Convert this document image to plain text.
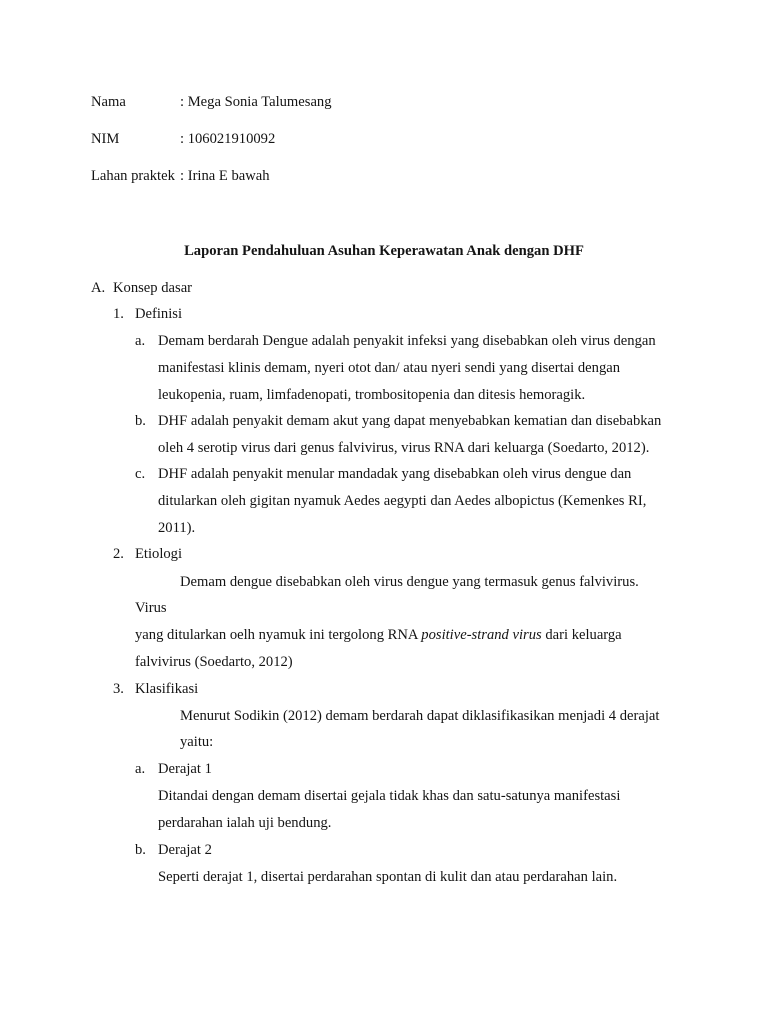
Nama	: Mega Sonia Talumesang
NIM	: 106021910092
Lahan praktek : Irina E bawah
Laporan Pendahuluan Asuhan Keperawatan Anak dengan DHF
A. Konsep dasar
1. Definisi
a. Demam berdarah Dengue adalah penyakit infeksi yang disebabkan oleh virus dengan
manifestasi klinis demam, nyeri otot dan/ atau nyeri sendi yang disertai dengan
leukopenia, ruam, limfadenopati, trombositopenia dan ditesis hemoragik.
b. DHF adalah penyakit demam akut yang dapat menyebabkan kematian dan disebabkan
oleh 4 serotip virus dari genus falvivirus, virus RNA dari keluarga (Soedarto, 2012).
c. DHF adalah penyakit menular mandadak yang disebabkan oleh virus dengue dan
ditularkan oleh gigitan nyamuk Aedes aegypti dan Aedes albopictus (Kemenkes RI,
2011).
2. Etiologi
Demam dengue disebabkan oleh virus dengue yang termasuk genus falvivirus.
Virus
yang ditularkan oelh nyamuk ini tergolong RNA positive-strand virus dari keluarga
falvivirus (Soedarto, 2012)
3. Klasifikasi
Menurut Sodikin (2012) demam berdarah dapat diklasifikasikan menjadi 4 derajat
yaitu:
a. Derajat 1
Ditandai dengan demam disertai gejala tidak khas dan satu-satunya manifestasi
perdarahan ialah uji bendung.
b. Derajat 2
Seperti derajat 1, disertai perdarahan spontan di kulit dan atau perdarahan lain.
